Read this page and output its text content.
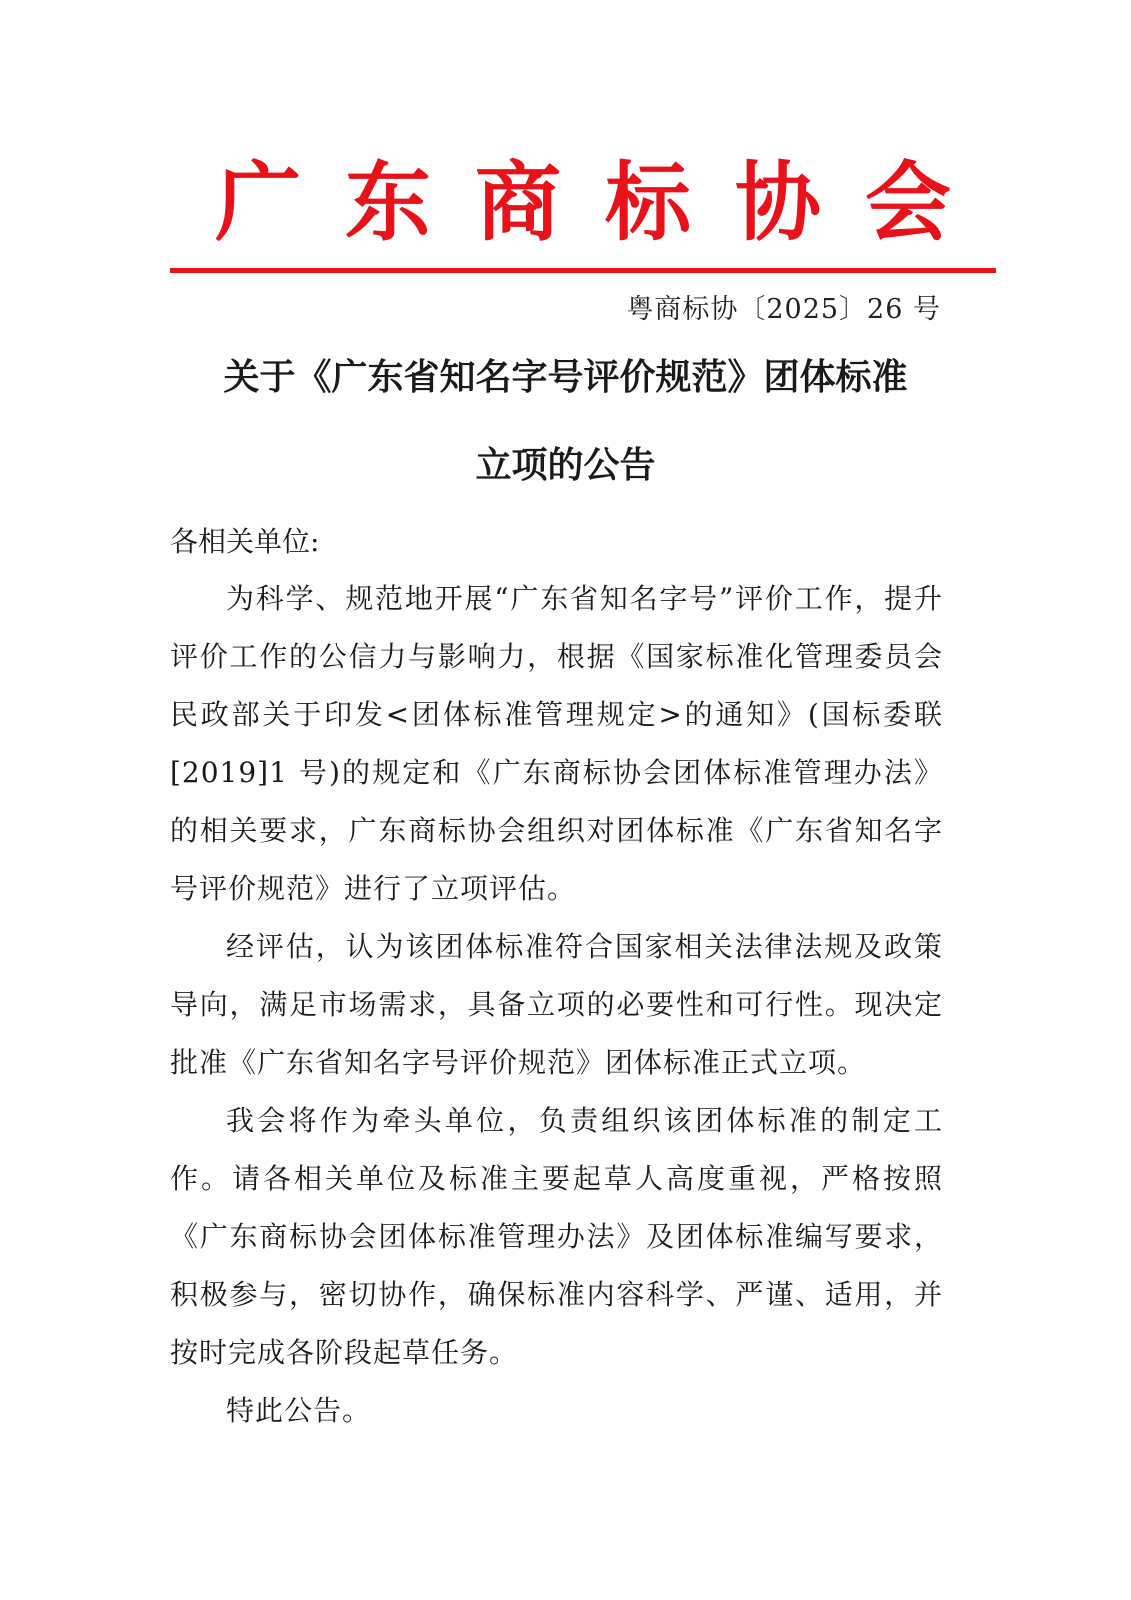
广东商标协会
粤商标协〔2025〕26 号
关于《广东省知名字号评价规范》团体标准
立项的公告
各相关单位:

为科学、规范地开展“广东省知名字号”评价工作，提升评价工作的公信力与影响力，根据《国家标准化管理委员会民政部关于印发<团体标准管理规定>的通知》(国标委联[2019]1 号)的规定和《广东商标协会团体标准管理办法》的相关要求，广东商标协会组织对团体标准《广东省知名字号评价规范》进行了立项评估。

经评估，认为该团体标准符合国家相关法律法规及政策导向，满足市场需求，具备立项的必要性和可行性。现决定批准《广东省知名字号评价规范》团体标准正式立项。

我会将作为牵头单位，负责组织该团体标准的制定工作。请各相关单位及标准主要起草人高度重视，严格按照《广东商标协会团体标准管理办法》及团体标准编写要求，积极参与，密切协作，确保标准内容科学、严谨、适用，并按时完成各阶段起草任务。

特此公告。
